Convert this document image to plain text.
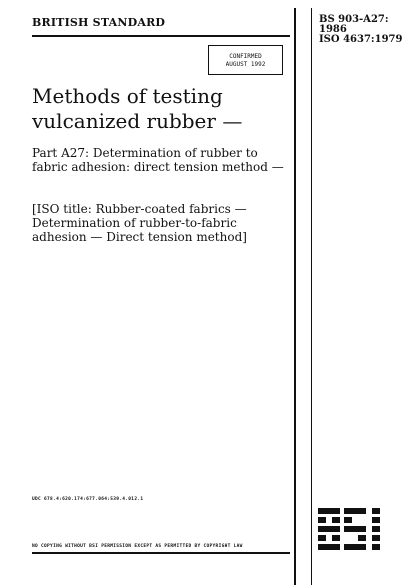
BRITISH STANDARD	BS 903-A27:
1986
ISO 4637:1979
CONFIRMED
AUGUST 1992
Methods of testing vulcanized rubber —
Part A27: Determination of rubber to fabric adhesion: direct tension method —
[ISO title: Rubber-coated fabrics — Determination of rubber-to-fabric adhesion — Direct tension method]
UDC 678.4:620.174:677.064:539.4.012.1
NO COPYING WITHOUT BSI PERMISSION EXCEPT AS PERMITTED BY COPYRIGHT LAW
